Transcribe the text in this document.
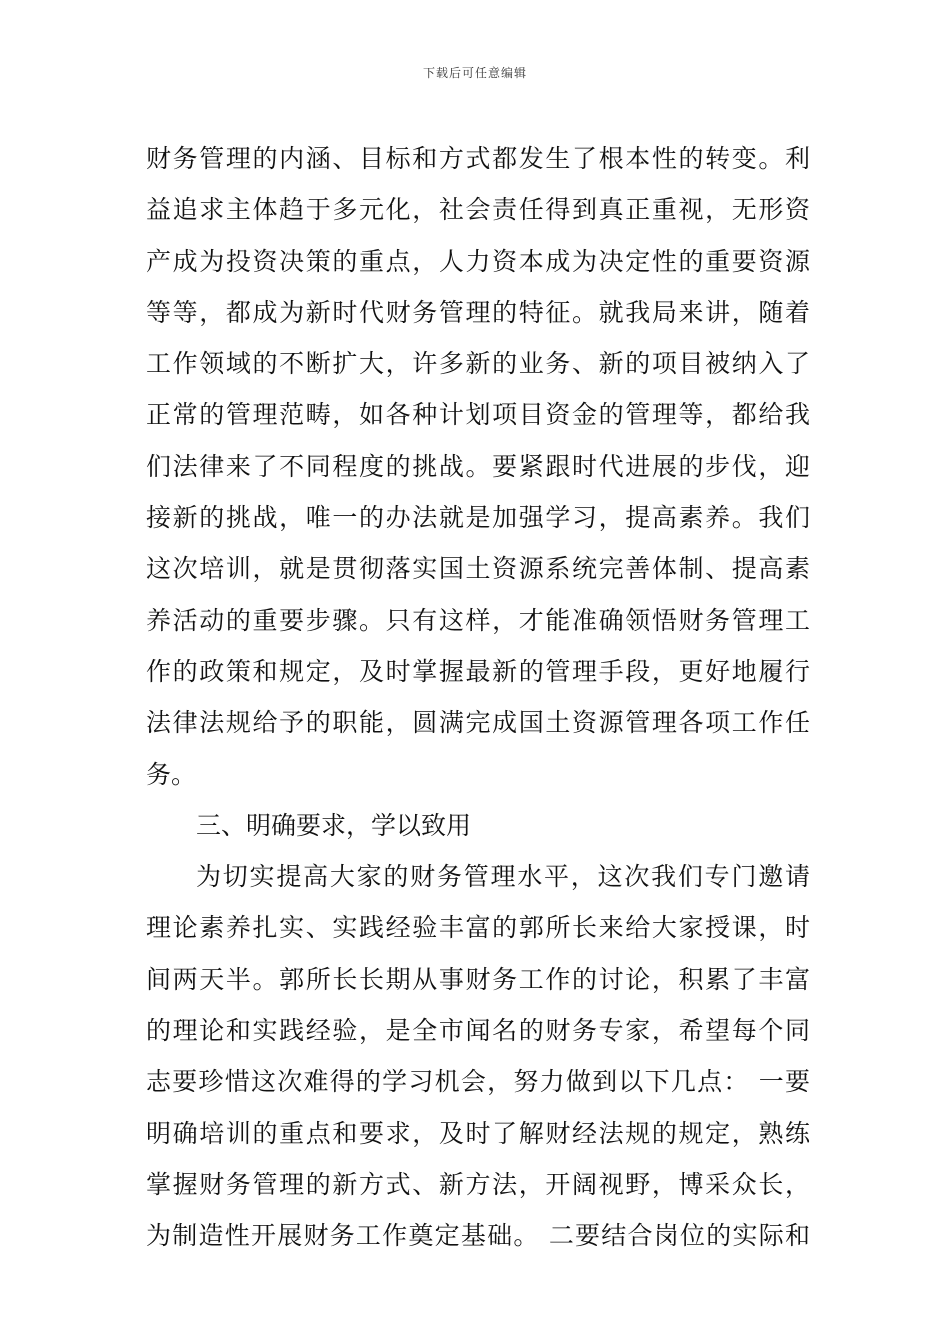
下载后可任意编辑
财务管理的内涵、目标和方式都发生了根本性的转变。利
益追求主体趋于多元化，社会责任得到真正重视，无形资
产成为投资决策的重点，人力资本成为决定性的重要资源
等等，都成为新时代财务管理的特征。就我局来讲，随着
工作领域的不断扩大，许多新的业务、新的项目被纳入了
正常的管理范畴，如各种计划项目资金的管理等，都给我
们法律来了不同程度的挑战。要紧跟时代进展的步伐，迎
接新的挑战，唯一的办法就是加强学习，提高素养。我们
这次培训，就是贯彻落实国土资源系统完善体制、提高素
养活动的重要步骤。只有这样，才能准确领悟财务管理工
作的政策和规定，及时掌握最新的管理手段，更好地履行
法律法规给予的职能，圆满完成国土资源管理各项工作任
务。
三、明确要求，学以致用
为切实提高大家的财务管理水平，这次我们专门邀请
理论素养扎实、实践经验丰富的郭所长来给大家授课，时
间两天半。郭所长长期从事财务工作的讨论，积累了丰富
的理论和实践经验，是全市闻名的财务专家，希望每个同
志要珍惜这次难得的学习机会，努力做到以下几点： 一要
明确培训的重点和要求，及时了解财经法规的规定，熟练
掌握财务管理的新方式、新方法，开阔视野，博采众长，
为制造性开展财务工作奠定基础。 二要结合岗位的实际和
